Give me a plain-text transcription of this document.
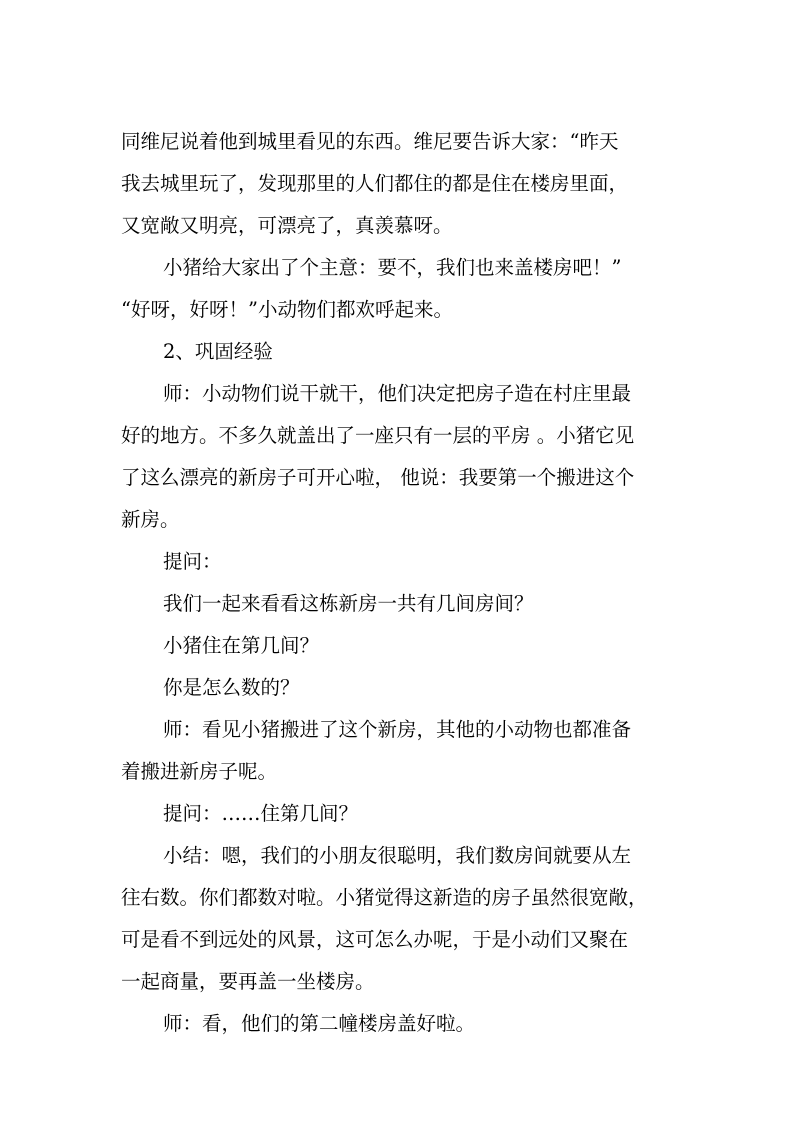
同维尼说着他到城里看见的东西。维尼要告诉大家：“昨天
我去城里玩了，发现那里的人们都住的都是住在楼房里面，
又宽敞又明亮，可漂亮了，真羡慕呀。
小猪给大家出了个主意：要不，我们也来盖楼房吧！”
“好呀，好呀！”小动物们都欢呼起来。
2、巩固经验
师：小动物们说干就干，他们决定把房子造在村庄里最
好的地方。不多久就盖出了一座只有一层的平房 。小猪它见
了这么漂亮的新房子可开心啦， 他说：我要第一个搬进这个
新房。
提问：
我们一起来看看这栋新房一共有几间房间？
小猪住在第几间？
你是怎么数的？
师：看见小猪搬进了这个新房，其他的小动物也都准备
着搬进新房子呢。
提问：……住第几间？
小结：嗯，我们的小朋友很聪明，我们数房间就要从左
往右数。你们都数对啦。小猪觉得这新造的房子虽然很宽敞，
可是看不到远处的风景，这可怎么办呢，于是小动们又聚在
一起商量，要再盖一坐楼房。
师：看，他们的第二幢楼房盖好啦。
